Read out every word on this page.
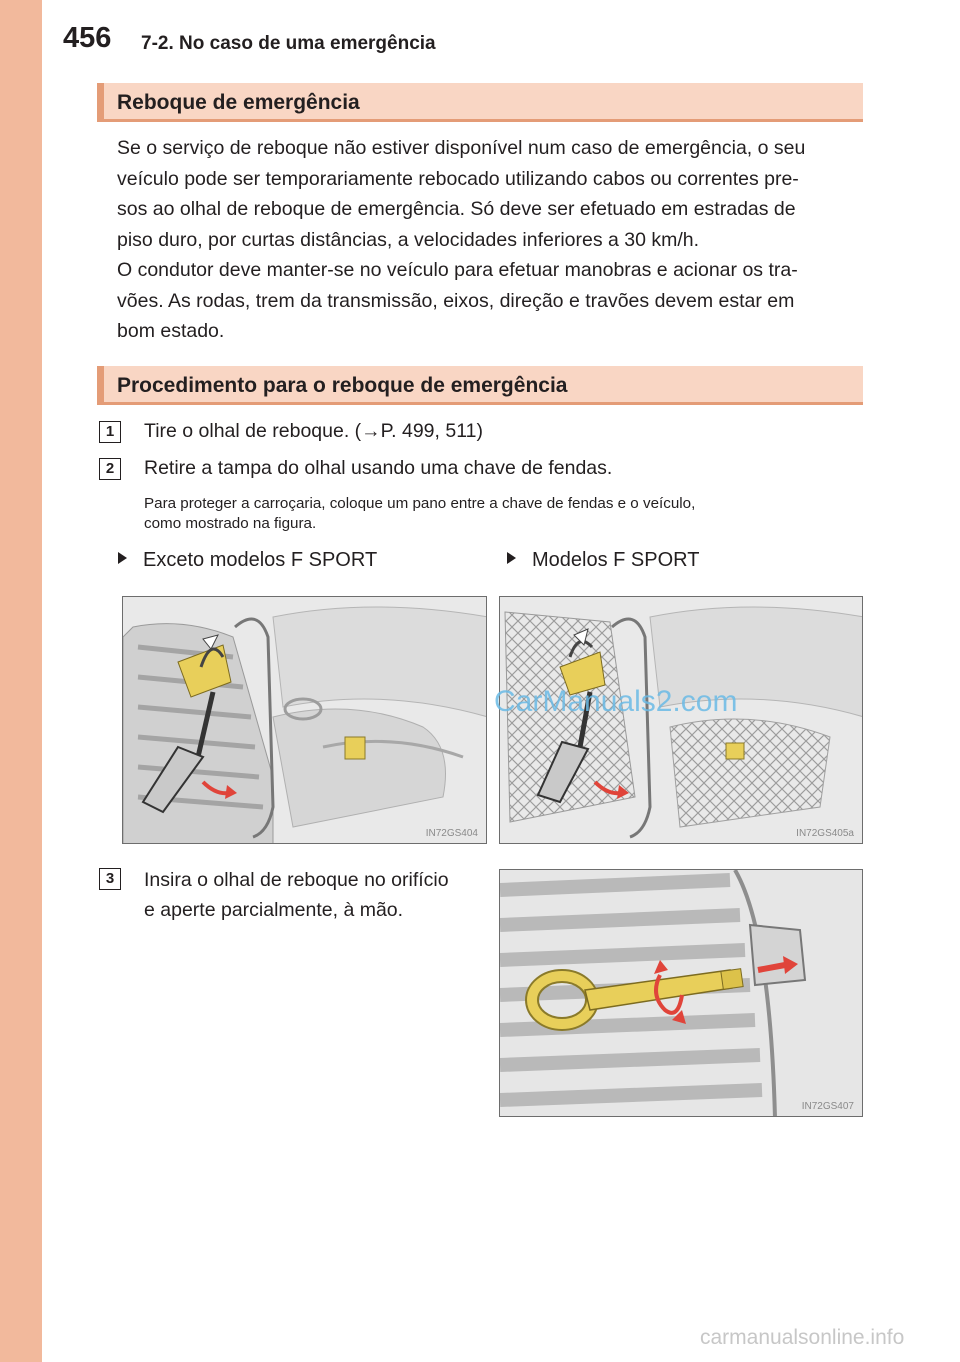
456 7-2. No caso de uma emergência
Reboque de emergência
Se o serviço de reboque não estiver disponível num caso de emergência, o seu
veículo pode ser temporariamente rebocado utilizando cabos ou correntes pre-
sos ao olhal de reboque de emergência. Só deve ser efetuado em estradas de
piso duro, por curtas distâncias, a velocidades inferiores a 30 km/h.
O condutor deve manter-se no veículo para efetuar manobras e acionar os tra-
vões. As rodas, trem da transmissão, eixos, direção e travões devem estar em
bom estado.
Procedimento para o reboque de emergência
1	Tire o olhal de reboque. (→P. 499, 511)
2	Retire a tampa do olhal usando uma chave de fendas.
Para proteger a carroçaria, coloque um pano entre a chave de fendas e o veículo,
como mostrado na figura.
Exceto modelos F SPORT	Modelos F SPORT
IN72GS404	IN72GS405a
CarManuals2.com
3	Insira o olhal de reboque no orifício
e aperte parcialmente, à mão.
IN72GS407
carmanualsonline.info
